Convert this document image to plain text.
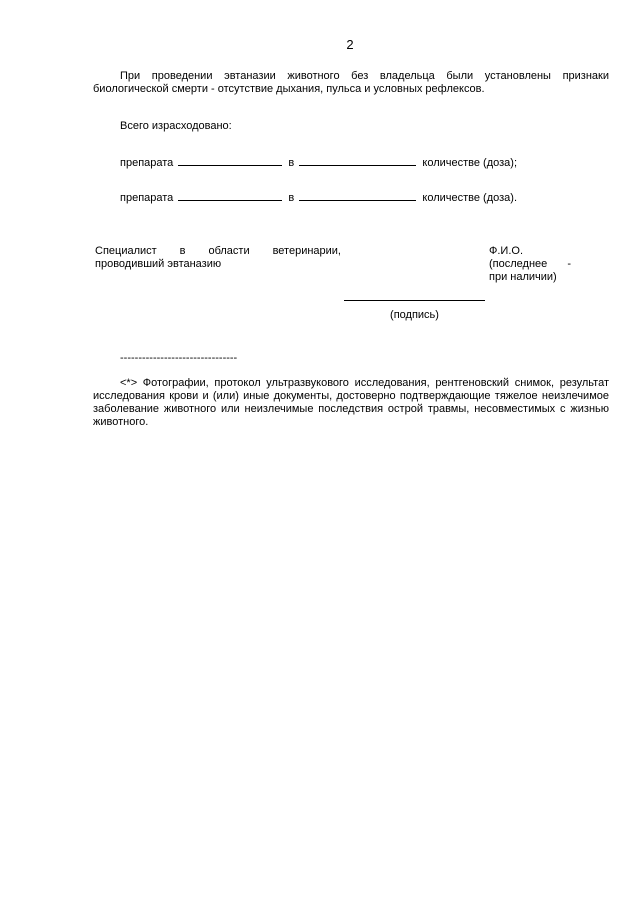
2
При проведении эвтаназии животного без владельца были установлены признаки биологической смерти - отсутствие дыхания, пульса и условных рефлексов.
Всего израсходовано:
препарата	в	количестве (доза);
препарата	в	количестве (доза).
Специалист в области ветеринарии,
проводивший эвтаназию
Ф.И.О.
(последнее -
при наличии)
(подпись)
--------------------------------
<*> Фотографии, протокол ультразвукового исследования, рентгеновский снимок, результат исследования крови и (или) иные документы, достоверно подтверждающие тяжелое неизлечимое заболевание животного или неизлечимые последствия острой травмы, несовместимых с жизнью животного.
